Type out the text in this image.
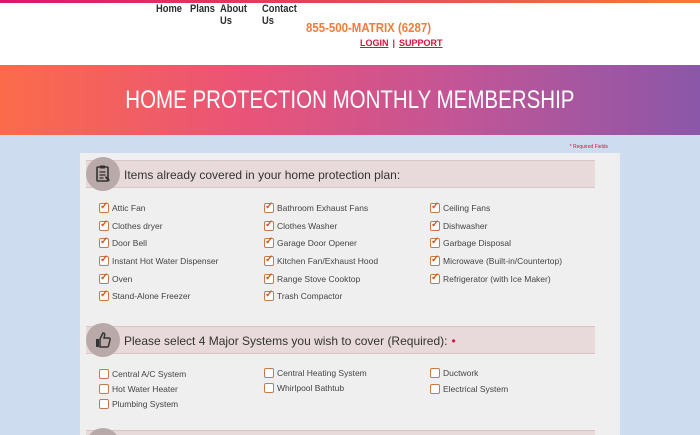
Home Plans About Us
Contact Us	855-500-MATRIX (6287)
LOGIN | SUPPORT
HOME PROTECTION MONTHLY MEMBERSHIP
* Required Fields
Items already covered in your home protection plan:
✓
Attic Fan ✓	Bathroom Exhaust Fans ✓	Ceiling Fans
✓
Clothes dryer ✓	Clothes Washer ✓	Dishwasher
✓
Door Bell ✓	Garage Door Opener ✓	Garbage Disposal
✓
Instant Hot Water Dispenser ✓	Kitchen Fan/Exhaust Hood ✓	Microwave (Built-in/Countertop)
✓
Oven ✓	Range Stove Cooktop ✓	Refrigerator (with Ice Maker)
✓
Stand-Alone Freezer ✓	Trash Compactor
Please select 4 Major Systems you wish to cover (Required): •
Central A/C System	Central Heating System	Ductwork
Hot Water Heater	Whirlpool Bathtub	Electrical System
Plumbing System
